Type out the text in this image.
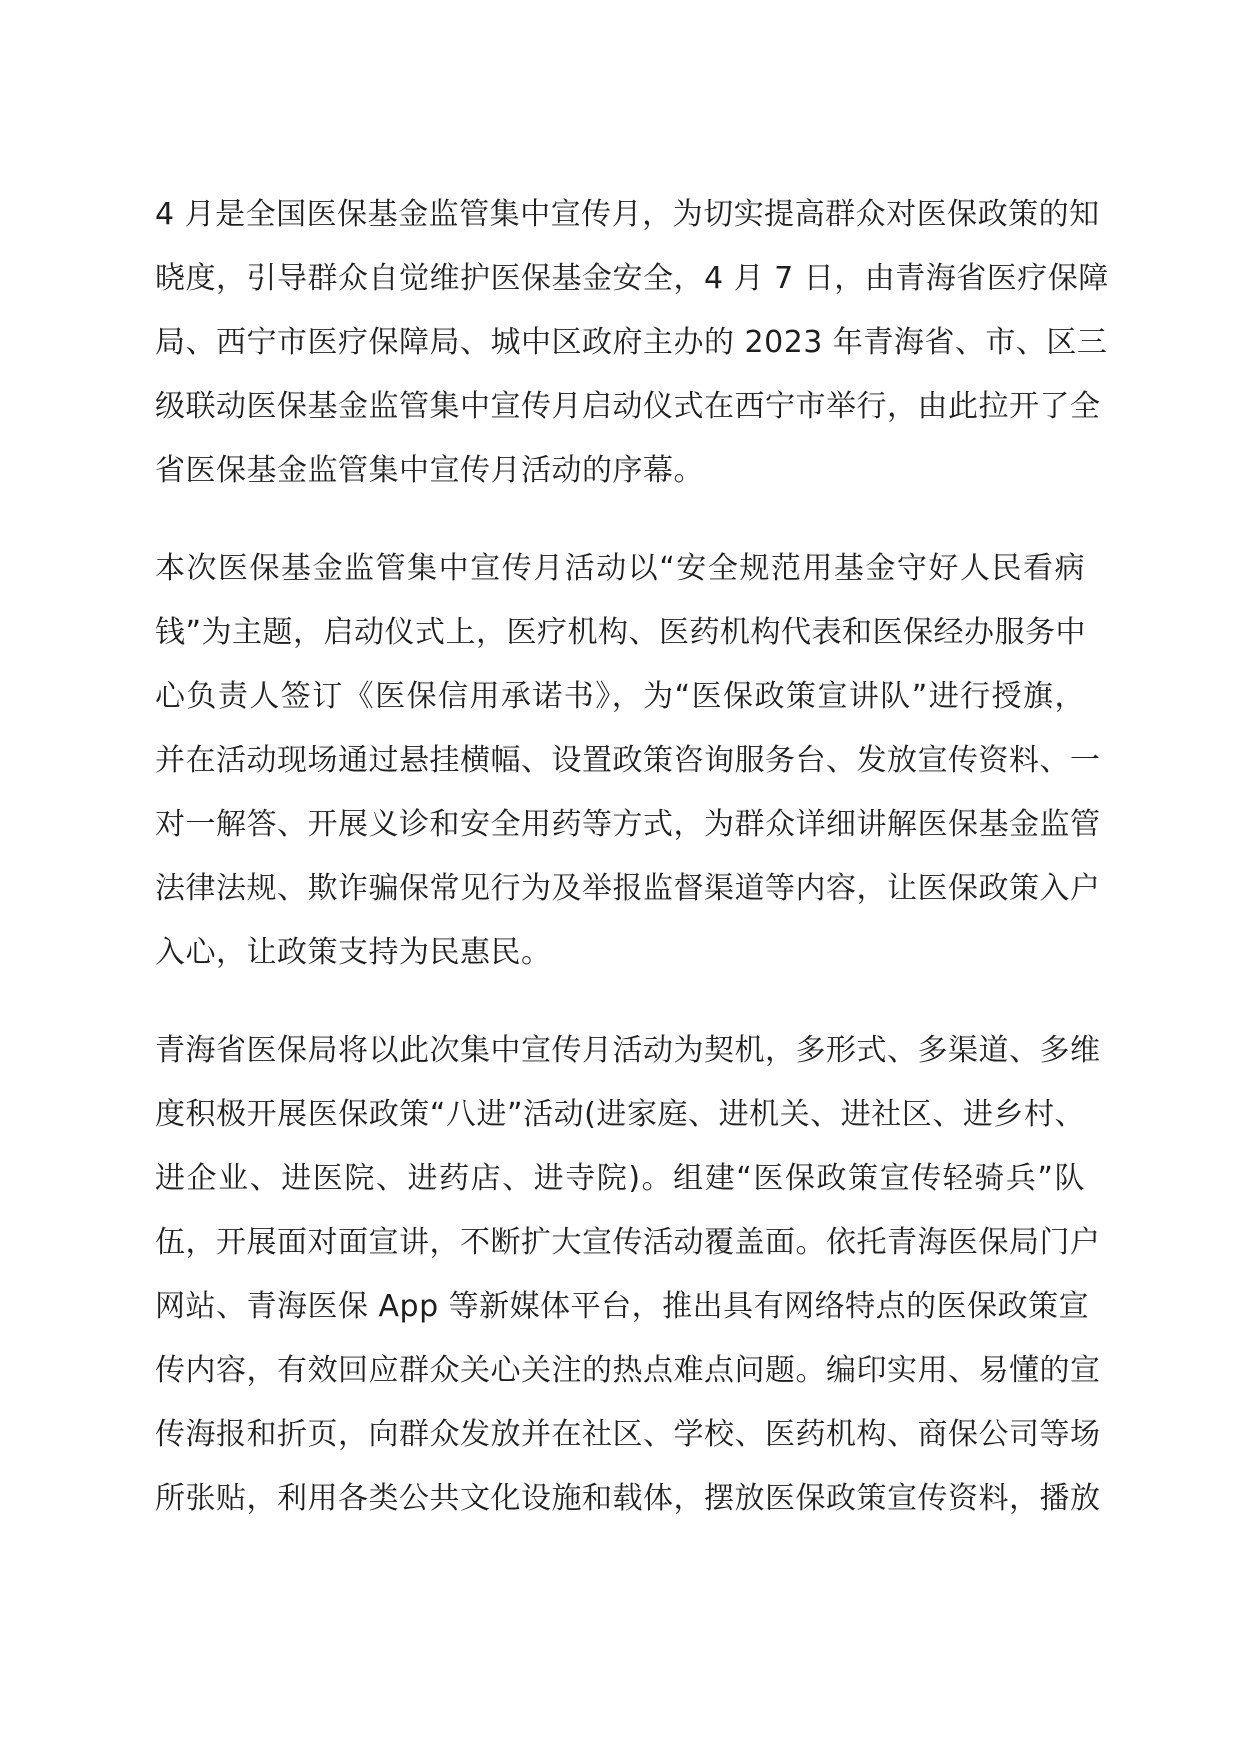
4 月是全国医保基金监管集中宣传月，为切实提高群众对医保政策的知
晓度，引导群众自觉维护医保基金安全，4 月 7 日，由青海省医疗保障
局、西宁市医疗保障局、城中区政府主办的 2023 年青海省、市、区三
级联动医保基金监管集中宣传月启动仪式在西宁市举行，由此拉开了全
省医保基金监管集中宣传月活动的序幕。

本次医保基金监管集中宣传月活动以“安全规范用基金守好人民看病
钱”为主题，启动仪式上，医疗机构、医药机构代表和医保经办服务中
心负责人签订《医保信用承诺书》，为“医保政策宣讲队”进行授旗，
并在活动现场通过悬挂横幅、设置政策咨询服务台、发放宣传资料、一
对一解答、开展义诊和安全用药等方式，为群众详细讲解医保基金监管
法律法规、欺诈骗保常见行为及举报监督渠道等内容，让医保政策入户
入心，让政策支持为民惠民。

青海省医保局将以此次集中宣传月活动为契机，多形式、多渠道、多维
度积极开展医保政策“八进”活动(进家庭、进机关、进社区、进乡村、
进企业、进医院、进药店、进寺院)。组建“医保政策宣传轻骑兵”队
伍，开展面对面宣讲，不断扩大宣传活动覆盖面。依托青海医保局门户
网站、青海医保 App 等新媒体平台，推出具有网络特点的医保政策宣
传内容，有效回应群众关心关注的热点难点问题。编印实用、易懂的宣
传海报和折页，向群众发放并在社区、学校、医药机构、商保公司等场
所张贴，利用各类公共文化设施和载体，摆放医保政策宣传资料，播放
